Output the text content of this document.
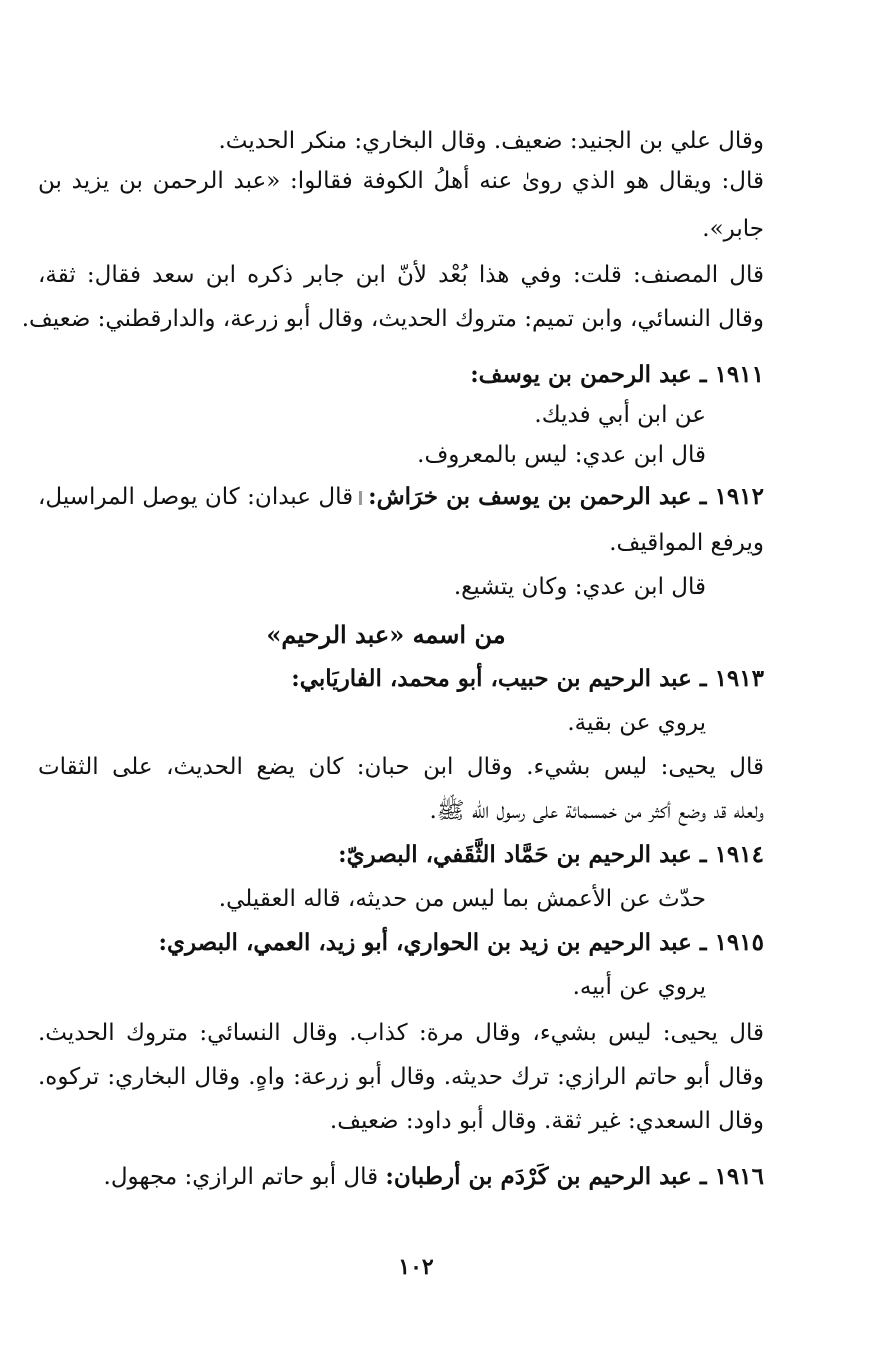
وقال علي بن الجنيد: ضعيف. وقال البخاري: منكر الحديث.
قال: ويقال هو الذي روىٰ عنه أهلُ الكوفة فقالوا: «عبد الرحمن بن يزيد بن
جابر».
قال المصنف: قلت: وفي هذا بُعْد لأنّ ابن جابر ذكره ابن سعد فقال: ثقة،
وقال النسائي، وابن تميم: متروك الحديث، وقال أبو زرعة، والدارقطني: ضعيف.
١٩١١ ـ عبد الرحمن بن يوسف:
عن ابن أبي فديك.
قال ابن عدي: ليس بالمعروف.
١٩١٢ ـ عبد الرحمن بن يوسف بن خرَاش:قال عبدان: كان يوصل المراسيل،
ويرفع المواقيف.
قال ابن عدي: وكان يتشيع.
من اسمه «عبد الرحيم»
١٩١٣ ـ عبد الرحيم بن حبيب، أبو محمد، الفاريَابي:
يروي عن بقية.
قال يحيى: ليس بشيء. وقال ابن حبان: كان يضع الحديث، على الثقات
ولعله قد وضع أكثر من خمسمائة على رسول الله ﷺ.
١٩١٤ ـ عبد الرحيم بن حَمَّاد الثَّقَفي، البصريّ:
حدّث عن الأعمش بما ليس من حديثه، قاله العقيلي.
١٩١٥ ـ عبد الرحيم بن زيد بن الحواري، أبو زيد، العمي، البصري:
يروي عن أبيه.
قال يحيى: ليس بشيء، وقال مرة: كذاب. وقال النسائي: متروك الحديث.
وقال أبو حاتم الرازي: ترك حديثه. وقال أبو زرعة: واهٍ. وقال البخاري: تركوه.
وقال السعدي: غير ثقة. وقال أبو داود: ضعيف.
١٩١٦ ـ عبد الرحيم بن كَرْدَم بن أرطبان: قال أبو حاتم الرازي: مجهول.
١٠٢
